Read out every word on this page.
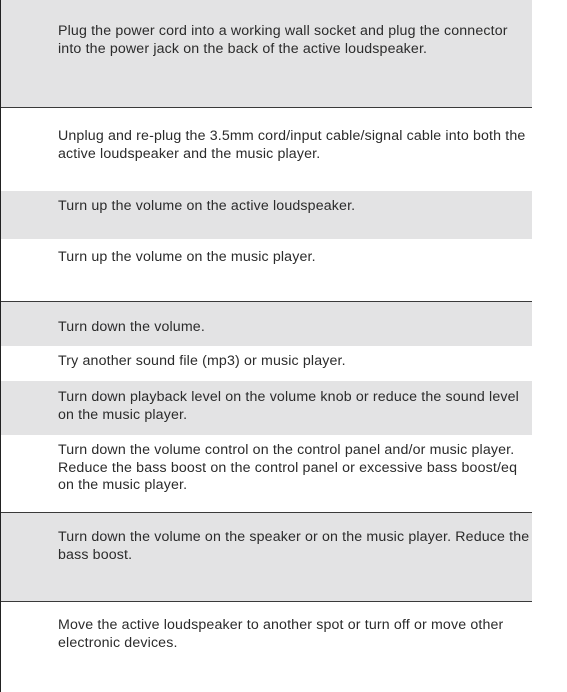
Plug the power cord into a working wall socket and plug the connector into the power jack on the back of the active loudspeaker.
Unplug and re-plug the 3.5mm cord/input cable/signal cable into both the active loudspeaker and the music player.
Turn up the volume on the active loudspeaker.
Turn up the volume on the music player.
Turn down the volume.
Try another sound file (mp3) or music player.
Turn down playback level on the volume knob or reduce the sound level on the music player.
Turn down the volume control on the control panel and/or music player. Reduce the bass boost on the control panel or excessive bass boost/eq on the music player.
Turn down the volume on the speaker or on the music player. Reduce the bass boost.
Move the active loudspeaker to another spot or turn off or move other electronic devices.
